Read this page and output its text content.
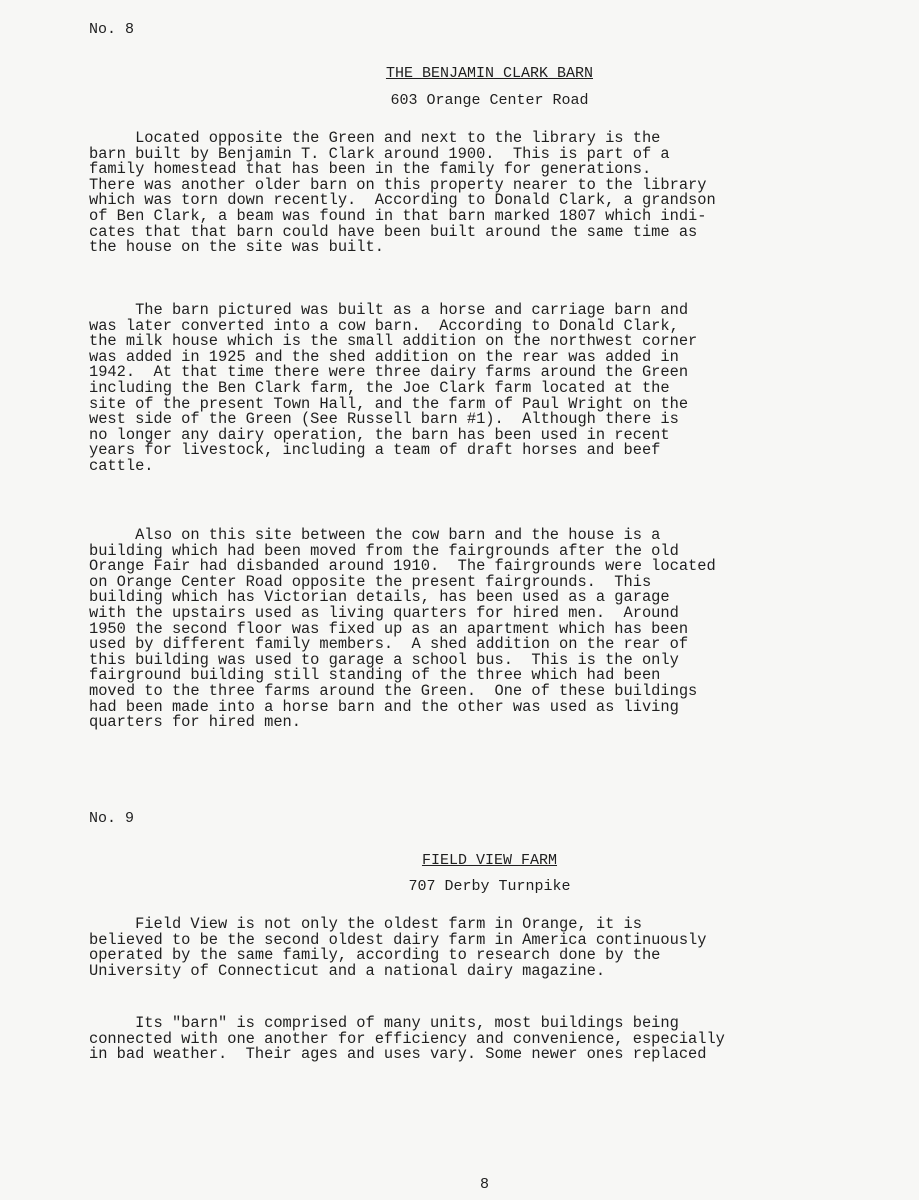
No. 8

THE BENJAMIN CLARK BARN

603 Orange Center Road

Located opposite the Green and next to the library is the
barn built by Benjamin T. Clark around 1900.  This is part of a
family homestead that has been in the family for generations.
There was another older barn on this property nearer to the library
which was torn down recently.  According to Donald Clark, a grandson
of Ben Clark, a beam was found in that barn marked 1807 which indi-
cates that that barn could have been built around the same time as
the house on the site was built.
The barn pictured was built as a horse and carriage barn and
was later converted into a cow barn.  According to Donald Clark,
the milk house which is the small addition on the northwest corner
was added in 1925 and the shed addition on the rear was added in
1942.  At that time there were three dairy farms around the Green
including the Ben Clark farm, the Joe Clark farm located at the
site of the present Town Hall, and the farm of Paul Wright on the
west side of the Green (See Russell barn #1).  Although there is
no longer any dairy operation, the barn has been used in recent
years for livestock, including a team of draft horses and beef
cattle.
Also on this site between the cow barn and the house is a
building which had been moved from the fairgrounds after the old
Orange Fair had disbanded around 1910.  The fairgrounds were located
on Orange Center Road opposite the present fairgrounds.  This
building which has Victorian details, has been used as a garage
with the upstairs used as living quarters for hired men.  Around
1950 the second floor was fixed up as an apartment which has been
used by different family members.  A shed addition on the rear of
this building was used to garage a school bus.  This is the only
fairground building still standing of the three which had been
moved to the three farms around the Green.  One of these buildings
had been made into a horse barn and the other was used as living
quarters for hired men.

No. 9

FIELD VIEW FARM

707 Derby Turnpike

Field View is not only the oldest farm in Orange, it is
believed to be the second oldest dairy farm in America continuously
operated by the same family, according to research done by the
University of Connecticut and a national dairy magazine.
Its "barn" is comprised of many units, most buildings being
connected with one another for efficiency and convenience, especially
in bad weather.  Their ages and uses vary. Some newer ones replaced
8
